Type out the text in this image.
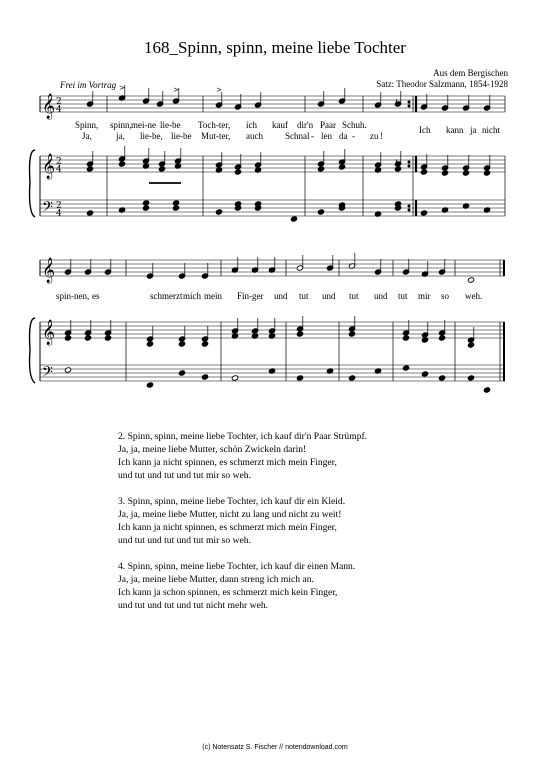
168_Spinn, spinn, meine liebe Tochter
Aus dem Bergischen
Satz: Theodor Salzmann, 1854-1928
Frei im Vortrag
𝄞
𝄞
𝄢
2
4
2
4
2
4
>	>
>
𝄽
𝄽
𝄽
𝄞
𝄞
𝄢
Spinn, spinn, mei-ne lie-be Toch-ter, ich kauf dir'n Paar Schuh.
Ja,	ja, lie-be, lie-be Mut-ter, auch Schnal - len da - zu !
Ich kann ja nicht
spin-nen, es	schmerzt mich mein Fin-ger und tut und tut und tut mir so weh.
2. Spinn, spinn, meine liebe Tochter, ich kauf dir'n Paar Strümpf.
Ja, ja, meine liebe Mutter, schön Zwickeln darin!
Ich kann ja nicht spinnen, es schmerzt mich mein Finger,
und tut und tut und tut mir so weh.
3. Spinn, spinn, meine liebe Tochter, ich kauf dir ein Kleid.
Ja, ja, meine liebe Mutter, nicht zu lang und nicht zu weit!
Ich kann ja nicht spinnen, es schmerzt mich mein Finger,
und tut und tut und tut mir so weh.
4. Spinn, spinn, meine liebe Tochter, ich kauf dir einen Mann.
Ja, ja, meine liebe Mutter, dann streng ich mich an.
Ich kann ja schon spinnen, es schmerzt mich kein Finger,
und tut und tut und tut nicht mehr weh.
(c) Notensatz S. Fischer // notendownload.com
